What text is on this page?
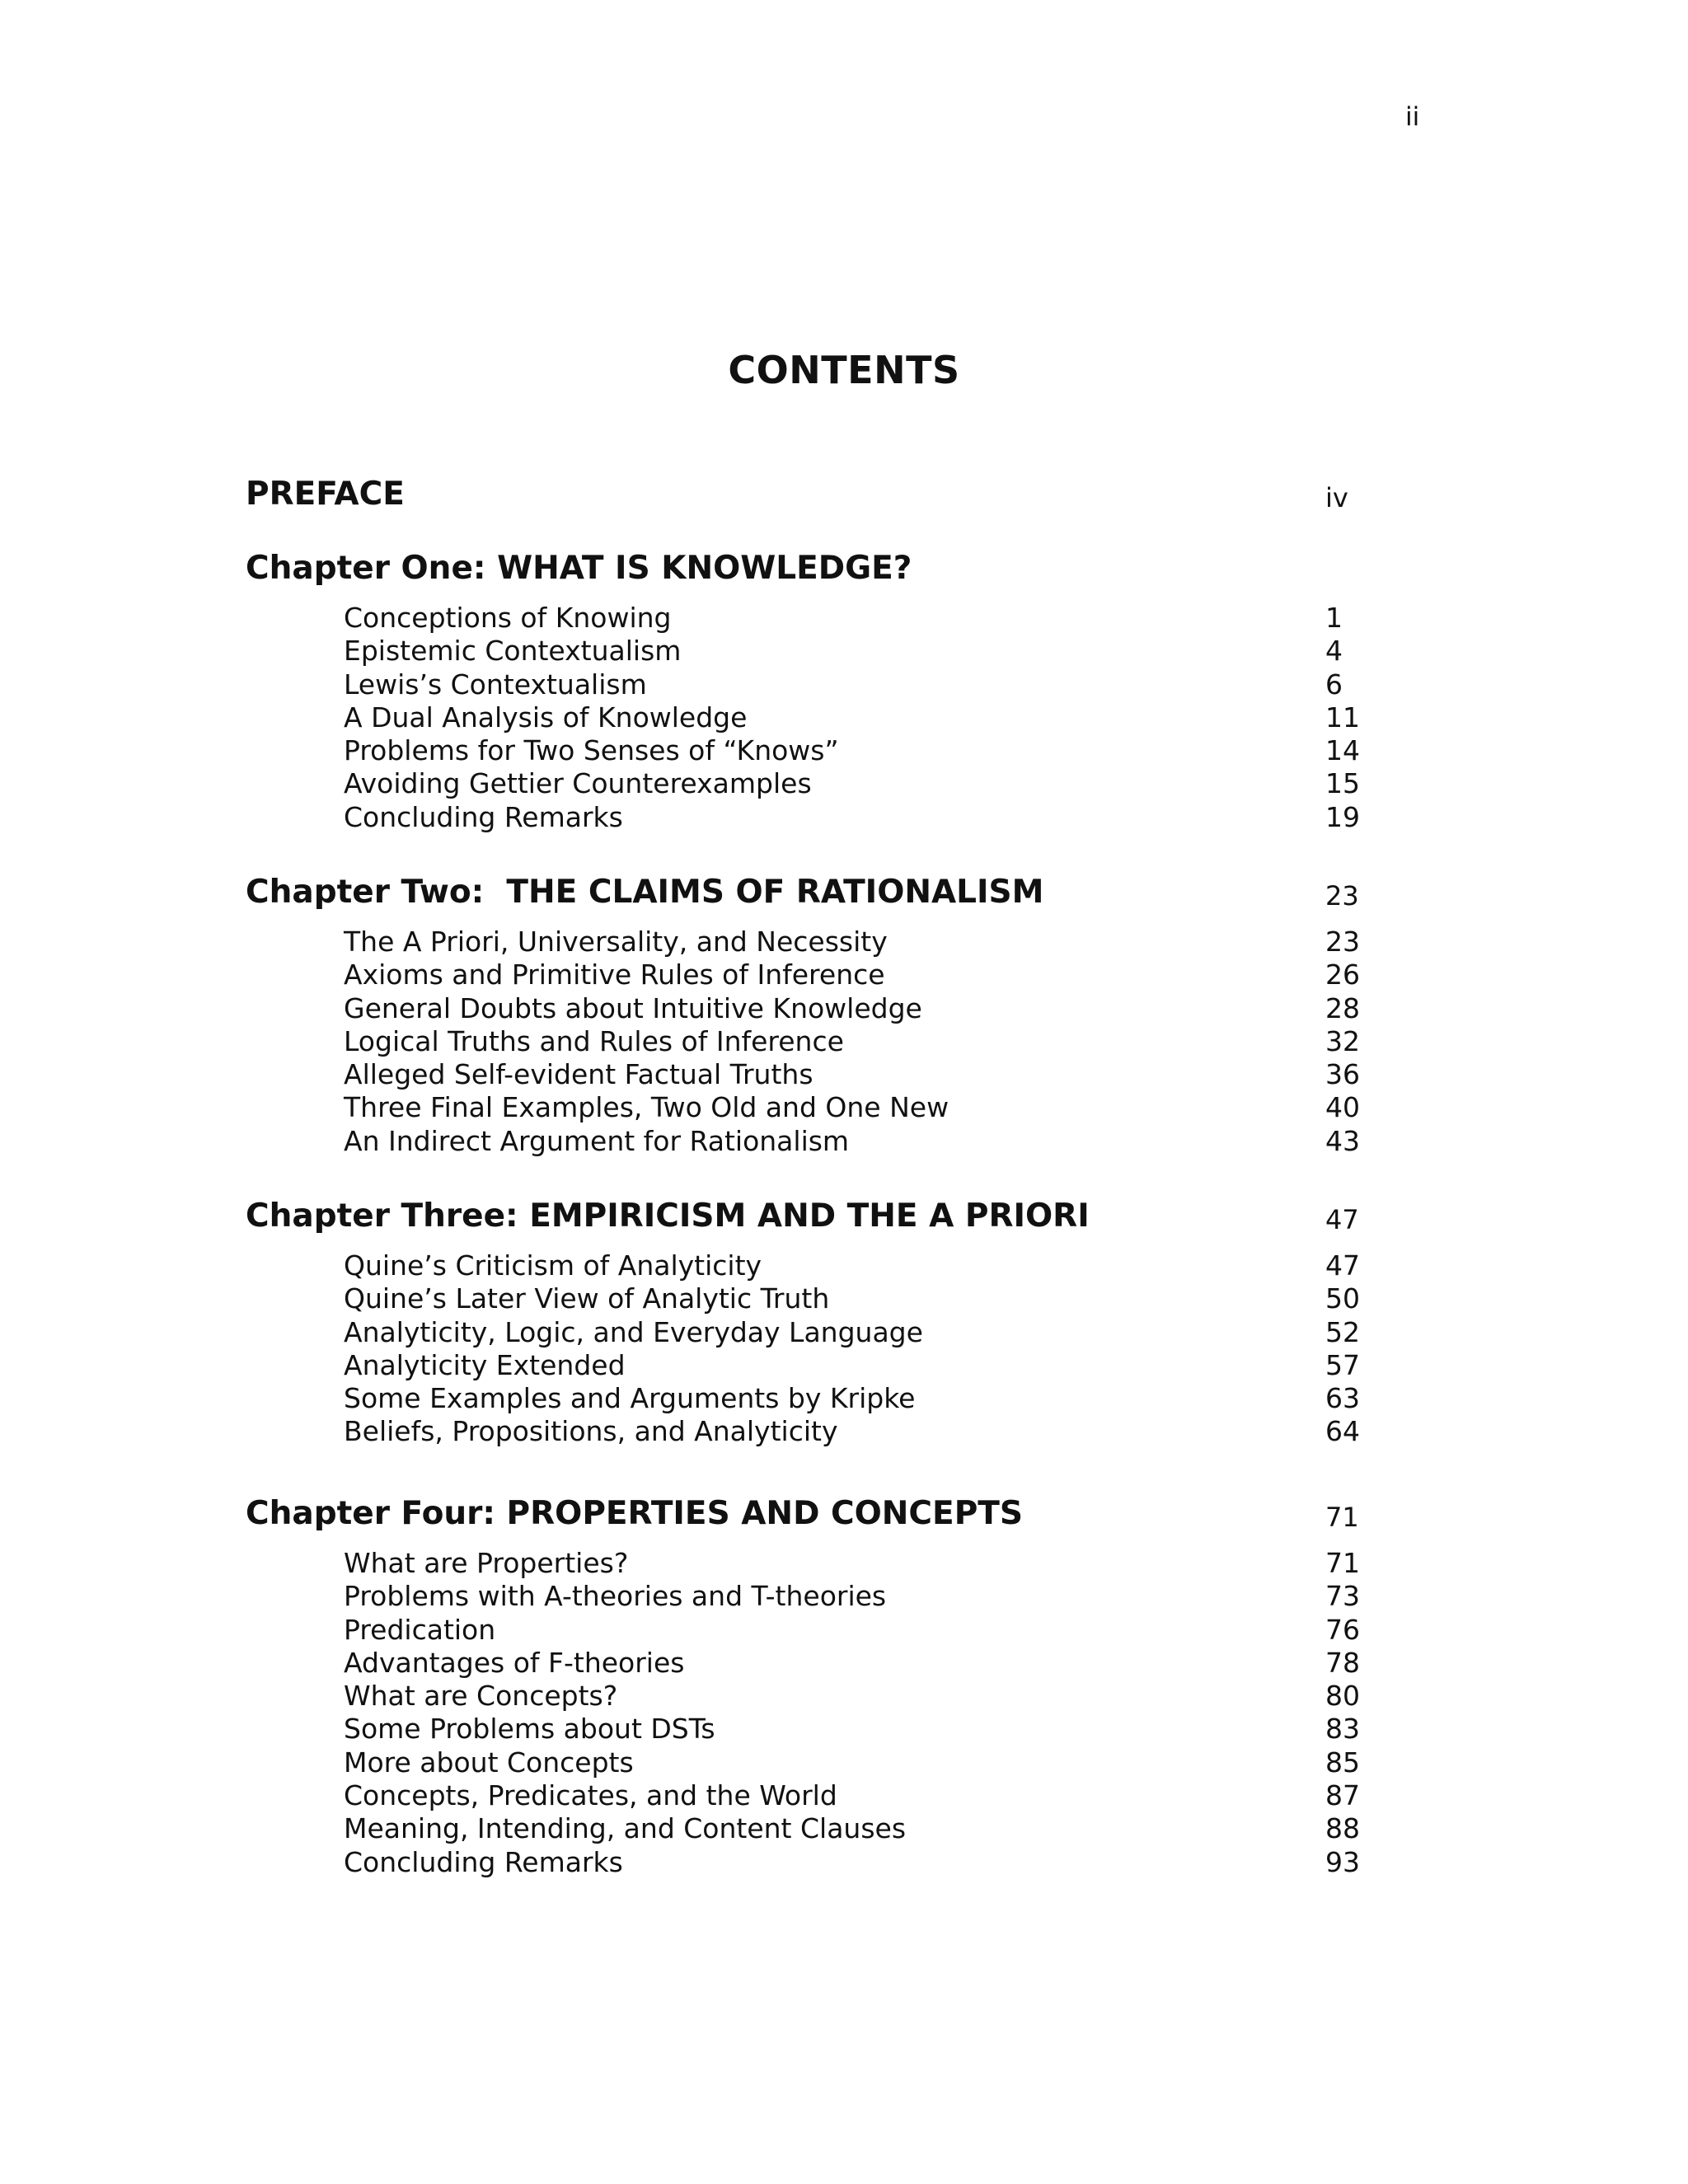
ii
CONTENTS
PREFACE	iv
Chapter One: WHAT IS KNOWLEDGE?
Conceptions of Knowing	1
Epistemic Contextualism	4
Lewis’s Contextualism	6
A Dual Analysis of Knowledge	11
Problems for Two Senses of “Knows”	14
Avoiding Gettier Counterexamples	15
Concluding Remarks	19
Chapter Two:  THE CLAIMS OF RATIONALISM	23
The A Priori, Universality, and Necessity	23
Axioms and Primitive Rules of Inference	26
General Doubts about Intuitive Knowledge	28
Logical Truths and Rules of Inference	32
Alleged Self-evident Factual Truths	36
Three Final Examples, Two Old and One New	40
An Indirect Argument for Rationalism	43
Chapter Three: EMPIRICISM AND THE A PRIORI	47
Quine’s Criticism of Analyticity	47
Quine’s Later View of Analytic Truth	50
Analyticity, Logic, and Everyday Language	52
Analyticity Extended	57
Some Examples and Arguments by Kripke	63
Beliefs, Propositions, and Analyticity	64
Chapter Four: PROPERTIES AND CONCEPTS	71
What are Properties?	71
Problems with A-theories and T-theories	73
Predication	76
Advantages of F-theories	78
What are Concepts?	80
Some Problems about DSTs	83
More about Concepts	85
Concepts, Predicates, and the World	87
Meaning, Intending, and Content Clauses	88
Concluding Remarks	93
